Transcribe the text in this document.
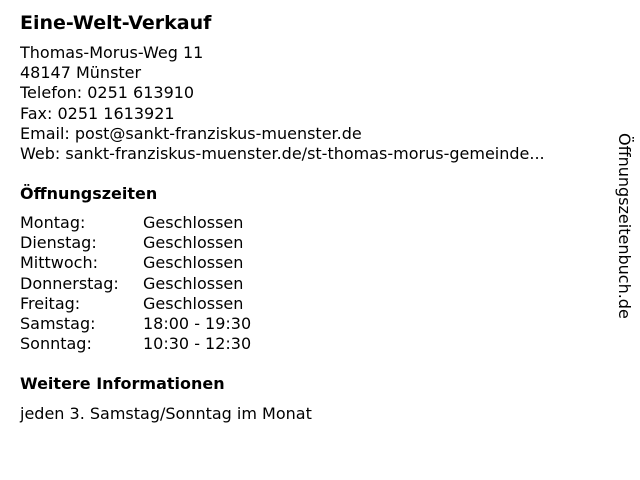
Eine-Welt-Verkauf
Thomas-Morus-Weg 11
48147 Münster
Telefon: 0251 613910
Fax: 0251 1613921
Email: post@sankt-franziskus-muenster.de
Web: sankt-franziskus-muenster.de/st-thomas-morus-gemeinde...
Öffnungszeiten
Montag:	Geschlossen
Dienstag:	Geschlossen
Mittwoch:	Geschlossen
Donnerstag: Geschlossen
Freitag:	Geschlossen
Samstag:	18:00 - 19:30
Sonntag:	10:30 - 12:30
Weitere Informationen
jeden 3. Samstag/Sonntag im Monat
Öffnungszeitenbuch.de
